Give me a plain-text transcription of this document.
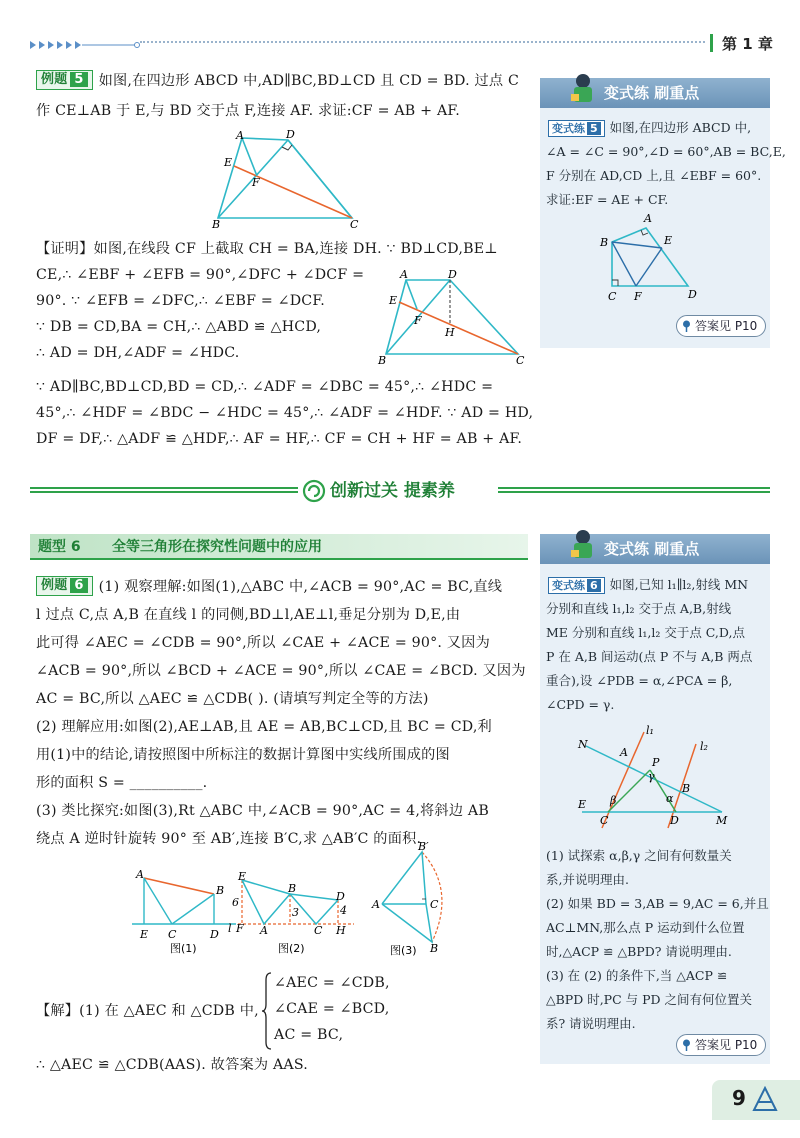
第 1 章
例题 5 如图,在四边形 ABCD 中,AD∥BC,BD⊥CD 且 CD = BD. 过点 C
作 CE⊥AB 于 E,与 BD 交于点 F,连接 AF. 求证:CF = AB + AF.
A	D
E
F
B	C
【证明】如图,在线段 CF 上截取 CH = BA,连接 DH. ∵ BD⊥CD,BE⊥
CE,∴ ∠EBF + ∠EFB = 90°,∠DFC + ∠DCF =
90°. ∵ ∠EFB = ∠DFC,∴ ∠EBF = ∠DCF.
∵ DB = CD,BA = CH,∴ △ABD ≌ △HCD,
∴ AD = DH,∠ADF = ∠HDC.
∵ AD∥BC,BD⊥CD,BD = CD,∴ ∠ADF = ∠DBC = 45°,∴ ∠HDC =
45°,∴ ∠HDF = ∠BDC − ∠HDC = 45°,∴ ∠ADF = ∠HDF. ∵ AD = HD,
DF = DF,∴ △ADF ≌ △HDF,∴ AF = HF,∴ CF = CH + HF = AB + AF.
A	D
E
F
H
B	C
变式练 刷重点
变式练 5 如图,在四边形 ABCD 中,
∠A = ∠C = 90°,∠D = 60°,AB = BC,E,
F 分别在 AD,CD 上,且 ∠EBF = 60°.
求证:EF = AE + CF.
A
B	E
C F	D
答案见 P10
创新过关 提素养
题型 6 全等三角形在探究性问题中的应用
例题 6 (1) 观察理解:如图(1),△ABC 中,∠ACB = 90°,AC = BC,直线
l 过点 C,点 A,B 在直线 l 的同侧,BD⊥l,AE⊥l,垂足分别为 D,E,由
此可得 ∠AEC = ∠CDB = 90°,所以 ∠CAE + ∠ACE = 90°. 又因为
∠ACB = 90°,所以 ∠BCD + ∠ACE = 90°,所以 ∠CAE = ∠BCD. 又因为
AC = BC,所以 △AEC ≌ △CDB( ). (请填写判定全等的方法)
(2) 理解应用:如图(2),AE⊥AB,且 AE = AB,BC⊥CD,且 BC = CD,利
用(1)中的结论,请按照图中所标注的数据计算图中实线所围成的图
形的面积 S = __________.
(3) 类比探究:如图(3),Rt △ABC 中,∠ACB = 90°,AC = 4,将斜边 AB
绕点 A 逆时针旋转 90° 至 AB′,连接 B′C,求 △AB′C 的面积.
A
B
E C	D
图(1)
E
6
l F A
3
B
4
C H
D
图(2)
B′
A	C
B
图(3)
【解】(1) 在 △AEC 和 △CDB 中,
∠AEC = ∠CDB,
∠CAE = ∠BCD,
AC = BC,
∴ △AEC ≌ △CDB(AAS). 故答案为 AAS.
变式练 刷重点
变式练 6 如图,已知 l₁∥l₂,射线 MN
分别和直线 l₁,l₂ 交于点 A,B,射线
ME 分别和直线 l₁,l₂ 交于点 C,D,点
P 在 A,B 间运动(点 P 不与 A,B 两点
重合),设 ∠PDB = α,∠PCA = β,
∠CPD = γ.
l₁
l₂
N
A
P
γ
B
β	α
E
C	D	M
(1) 试探索 α,β,γ 之间有何数量关
系,并说明理由.
(2) 如果 BD = 3,AB = 9,AC = 6,并且
AC⊥MN,那么点 P 运动到什么位置
时,△ACP ≌ △BPD? 请说明理由.
(3) 在 (2) 的条件下,当 △ACP ≌
△BPD 时,PC 与 PD 之间有何位置关
系? 请说明理由.
答案见 P10
9
